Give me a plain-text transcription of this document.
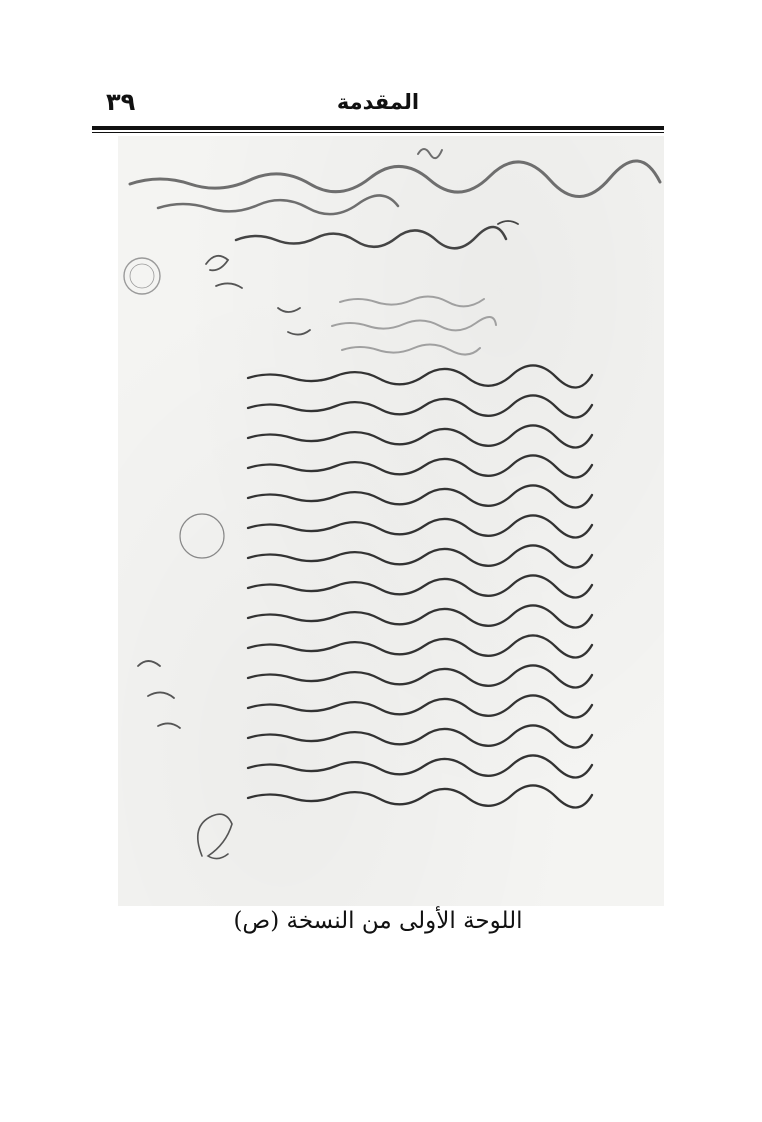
٣٩	المقدمة
اللوحة الأولى من النسخة (ص)
